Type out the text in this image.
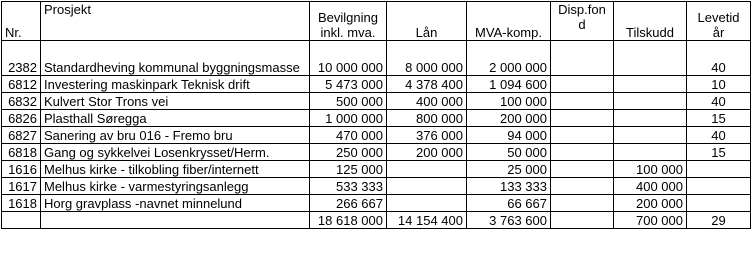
Nr.	Prosjekt	Bevilgning inkl. mva.	Lån	MVA-komp.	Disp.fon d	Tilskudd	Levetid år
2382	Standardheving kommunal byggningsmasse	10 000 000	8 000 000	2 000 000			40
6812	Investering maskinpark Teknisk drift	5 473 000	4 378 400	1 094 600			10
6832	Kulvert Stor Trons vei	500 000	400 000	100 000			40
6826	Plasthall Søregga	1 000 000	800 000	200 000			15
6827	Sanering av bru 016 - Fremo bru	470 000	376 000	94 000			40
6818	Gang og sykkelvei Losenkrysset/Herm.	250 000	200 000	50 000			15
1616	Melhus kirke - tilkobling fiber/internett	125 000		25 000		100 000	
1617	Melhus kirke - varmestyringsanlegg	533 333		133 333		400 000	
1618	Horg gravplass -navnet minnelund	266 667		66 667		200 000	
		18 618 000	14 154 400	3 763 600		700 000	29
